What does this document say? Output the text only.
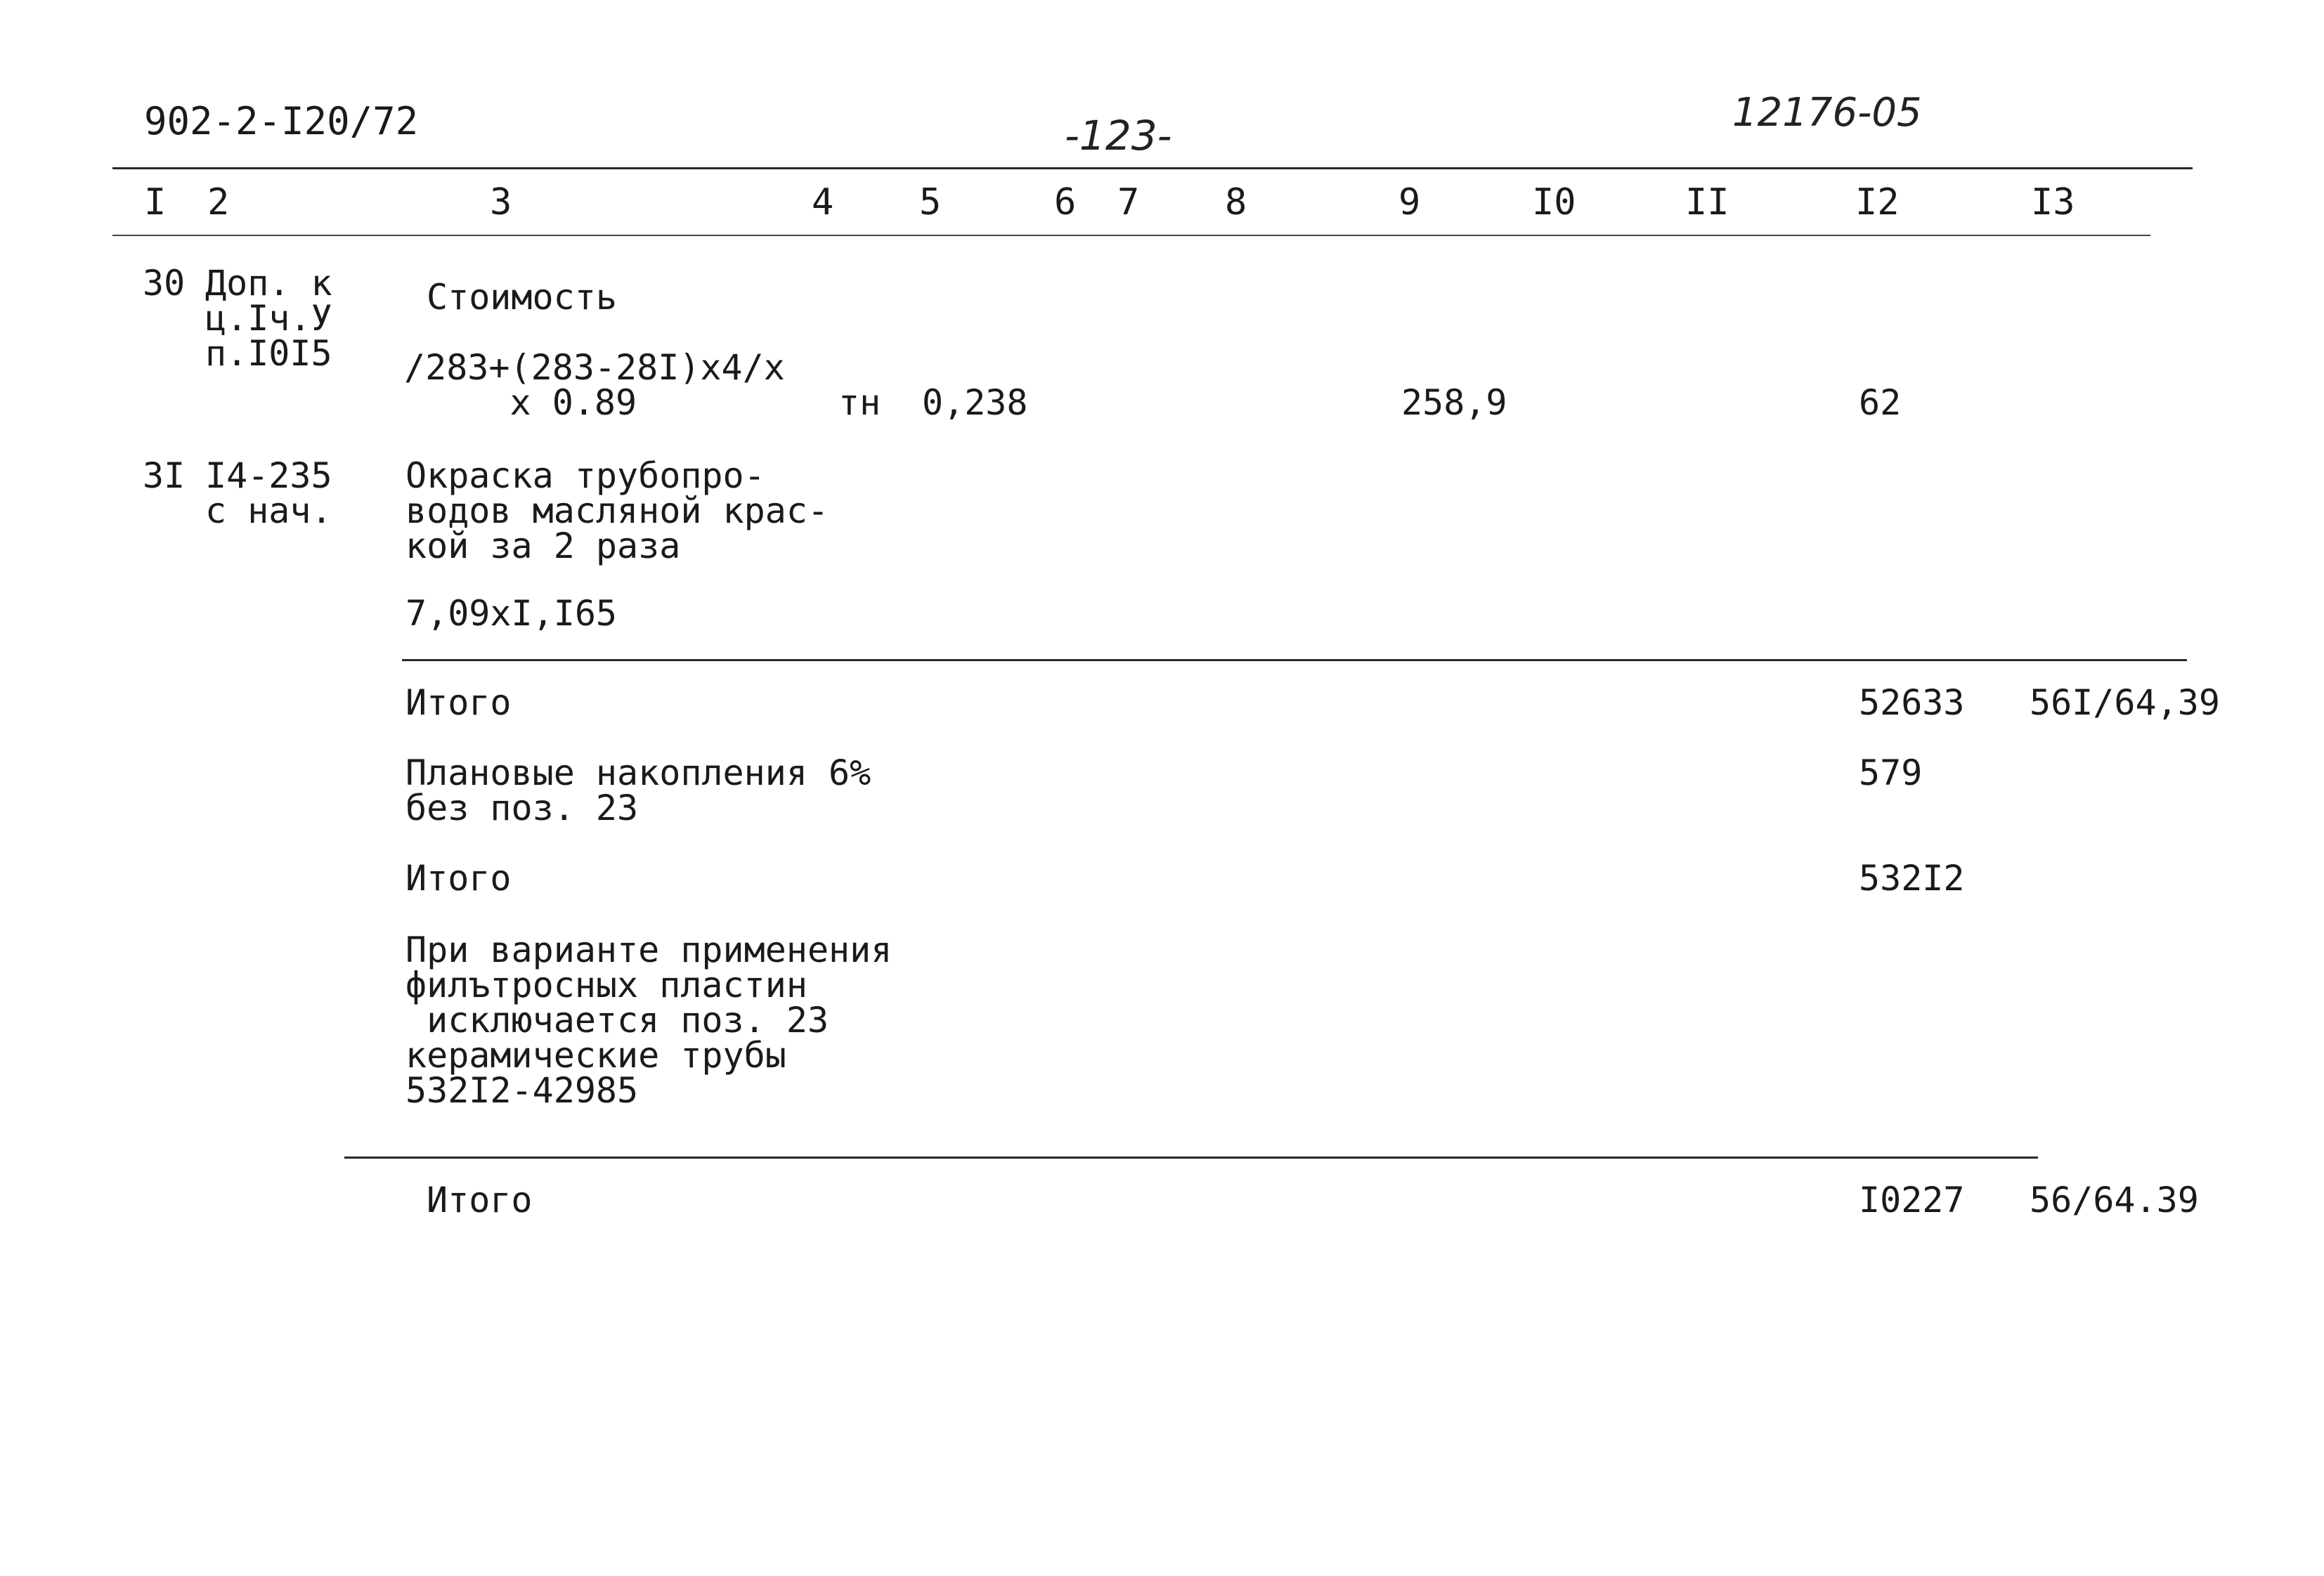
902-2-I20/72	-123-	12176-05
I 2	3	4 5	6 7 8	9	I0	II	I2	I3
30 Доп. к
ц.Iч.У
п.I0I5
Стоимость
/283+(283-28I)x4/x
x 0.89	тн 0,238	258,9	62
3I I4-235
с нач.
Окраска трубопро-
водов масляной крас-
кой за 2 раза
7,09xI,I65
Итого	52633 56I/64,39
Плановые накопления 6%
без поз. 23
579
Итого	532I2
При варианте применения
филътросных пластин
исключается поз. 23
керамические трубы
532I2-42985
Итого	I0227 56/64.39
